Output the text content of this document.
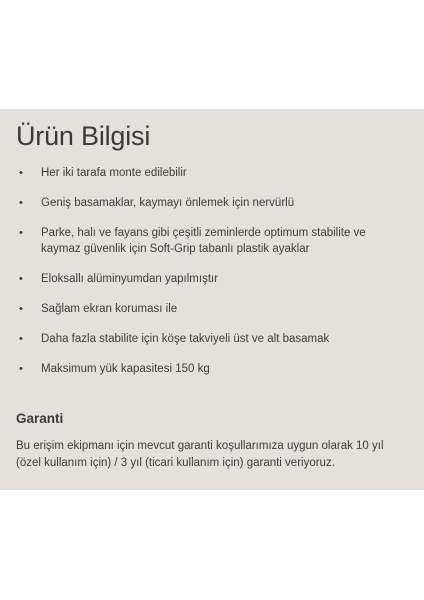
Ürün Bilgisi
• Her iki tarafa monte edilebilir
• Geniş basamaklar, kaymayı önlemek için nervürlü
• Parke, halı ve fayans gibi çeşitli zeminlerde optimum stabilite ve kaymaz güvenlik için Soft-Grip tabanlı plastik ayaklar
• Eloksallı alüminyumdan yapılmıştır
• Sağlam ekran koruması ile
• Daha fazla stabilite için köşe takviyeli üst ve alt basamak
• Maksimum yük kapasitesi 150 kg
Garanti

Bu erişim ekipmanı için mevcut garanti koşullarımıza uygun olarak 10 yıl (özel kullanım için) / 3 yıl (ticari kullanım için) garanti veriyoruz.
